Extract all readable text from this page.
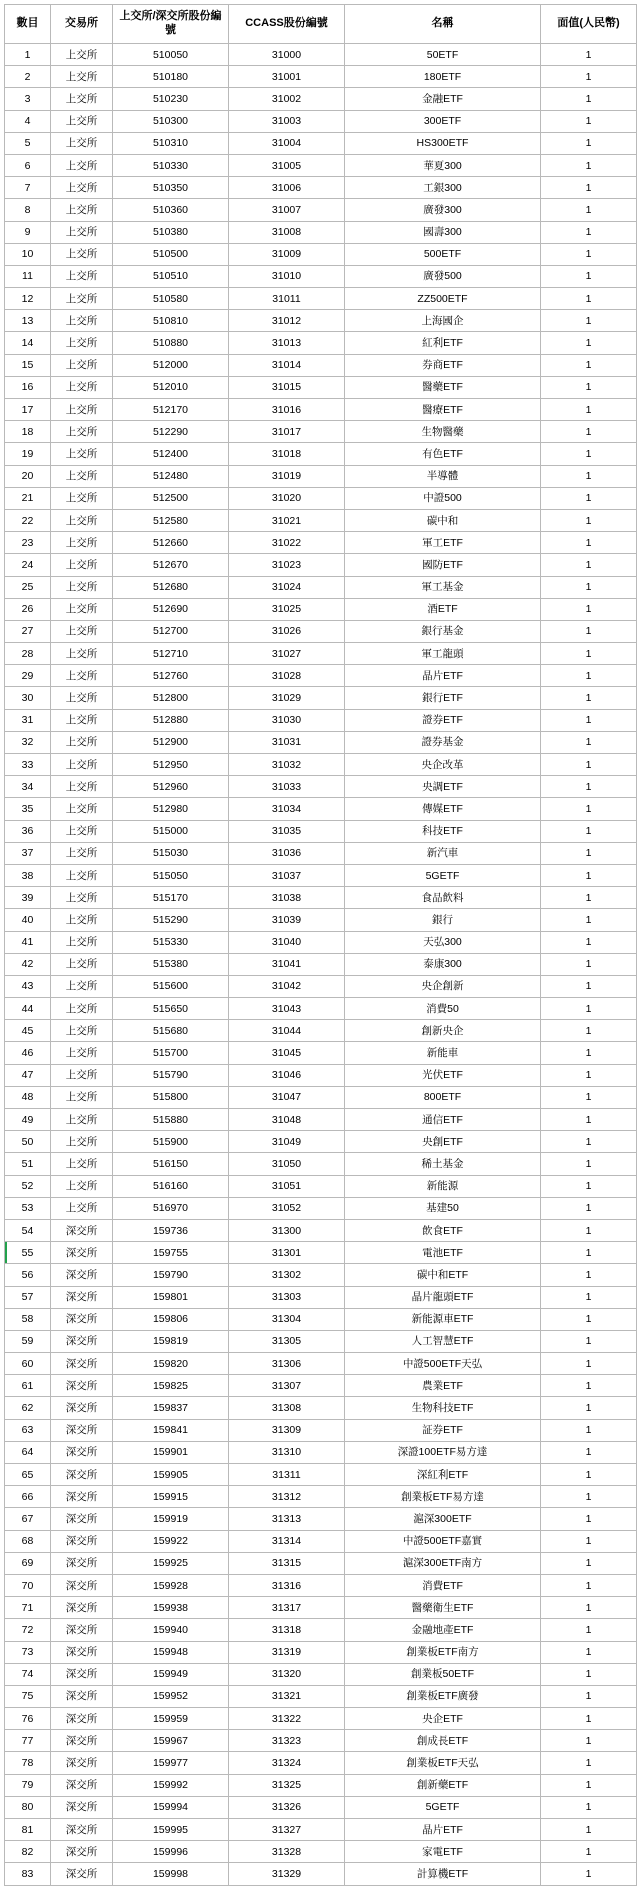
數目	交易所	上交所/深交所股份編號	CCASS股份編號	名稱	面值(人民幣)
1	上交所	510050	31000	50ETF	1
2	上交所	510180	31001	180ETF	1
3	上交所	510230	31002	金融ETF	1
4	上交所	510300	31003	300ETF	1
5	上交所	510310	31004	HS300ETF	1
6	上交所	510330	31005	華夏300	1
7	上交所	510350	31006	工銀300	1
8	上交所	510360	31007	廣發300	1
9	上交所	510380	31008	國壽300	1
10	上交所	510500	31009	500ETF	1
11	上交所	510510	31010	廣發500	1
12	上交所	510580	31011	ZZ500ETF	1
13	上交所	510810	31012	上海國企	1
14	上交所	510880	31013	紅利ETF	1
15	上交所	512000	31014	券商ETF	1
16	上交所	512010	31015	醫藥ETF	1
17	上交所	512170	31016	醫療ETF	1
18	上交所	512290	31017	生物醫藥	1
19	上交所	512400	31018	有色ETF	1
20	上交所	512480	31019	半導體	1
21	上交所	512500	31020	中證500	1
22	上交所	512580	31021	碳中和	1
23	上交所	512660	31022	軍工ETF	1
24	上交所	512670	31023	國防ETF	1
25	上交所	512680	31024	軍工基金	1
26	上交所	512690	31025	酒ETF	1
27	上交所	512700	31026	銀行基金	1
28	上交所	512710	31027	軍工龍頭	1
29	上交所	512760	31028	晶片ETF	1
30	上交所	512800	31029	銀行ETF	1
31	上交所	512880	31030	證券ETF	1
32	上交所	512900	31031	證券基金	1
33	上交所	512950	31032	央企改革	1
34	上交所	512960	31033	央調ETF	1
35	上交所	512980	31034	傳媒ETF	1
36	上交所	515000	31035	科技ETF	1
37	上交所	515030	31036	新汽車	1
38	上交所	515050	31037	5GETF	1
39	上交所	515170	31038	食品飲料	1
40	上交所	515290	31039	銀行	1
41	上交所	515330	31040	天弘300	1
42	上交所	515380	31041	泰康300	1
43	上交所	515600	31042	央企創新	1
44	上交所	515650	31043	消費50	1
45	上交所	515680	31044	創新央企	1
46	上交所	515700	31045	新能車	1
47	上交所	515790	31046	光伏ETF	1
48	上交所	515800	31047	800ETF	1
49	上交所	515880	31048	通信ETF	1
50	上交所	515900	31049	央創ETF	1
51	上交所	516150	31050	稀土基金	1
52	上交所	516160	31051	新能源	1
53	上交所	516970	31052	基建50	1
54	深交所	159736	31300	飲食ETF	1
55	深交所	159755	31301	電池ETF	1
56	深交所	159790	31302	碳中和ETF	1
57	深交所	159801	31303	晶片龍頭ETF	1
58	深交所	159806	31304	新能源車ETF	1
59	深交所	159819	31305	人工智慧ETF	1
60	深交所	159820	31306	中證500ETF天弘	1
61	深交所	159825	31307	農業ETF	1
62	深交所	159837	31308	生物科技ETF	1
63	深交所	159841	31309	証券ETF	1
64	深交所	159901	31310	深證100ETF易方達	1
65	深交所	159905	31311	深紅利ETF	1
66	深交所	159915	31312	創業板ETF易方達	1
67	深交所	159919	31313	滬深300ETF	1
68	深交所	159922	31314	中證500ETF嘉實	1
69	深交所	159925	31315	滬深300ETF南方	1
70	深交所	159928	31316	消費ETF	1
71	深交所	159938	31317	醫藥衛生ETF	1
72	深交所	159940	31318	金融地產ETF	1
73	深交所	159948	31319	創業板ETF南方	1
74	深交所	159949	31320	創業板50ETF	1
75	深交所	159952	31321	創業板ETF廣發	1
76	深交所	159959	31322	央企ETF	1
77	深交所	159967	31323	創成長ETF	1
78	深交所	159977	31324	創業板ETF天弘	1
79	深交所	159992	31325	創新藥ETF	1
80	深交所	159994	31326	5GETF	1
81	深交所	159995	31327	晶片ETF	1
82	深交所	159996	31328	家電ETF	1
83	深交所	159998	31329	計算機ETF	1
